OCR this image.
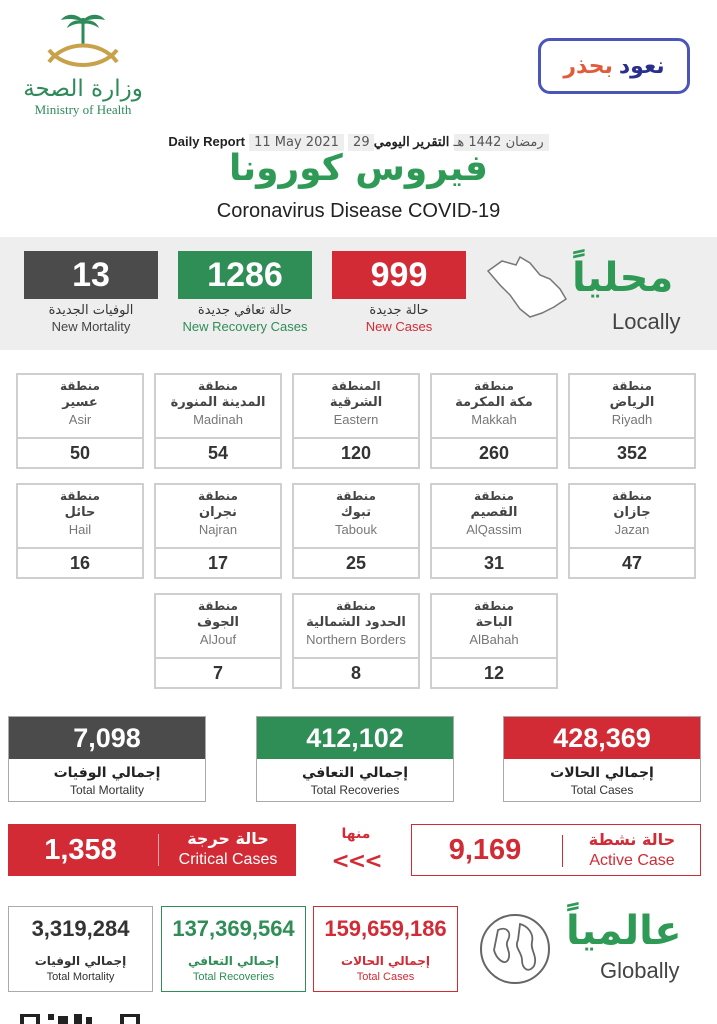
وزارة الصحة
Ministry of Health
نعود
بحذر
Daily Report 11 May 2021 29 رمضان 1442 هـ التقرير اليومي
فيروس كورونا
Coronavirus Disease COVID-19
13
الوفيات الجديدة
New Mortality
1286
حالة تعافي جديدة
New Recovery Cases
999
حالة جديدة
New Cases
محلياً
Locally
منطقة
الرياض
Riyadh
352
منطقة
مكة المكرمة
Makkah
260
المنطقة
الشرقية
Eastern
120
منطقة
المدينة المنورة
Madinah
54
منطقة
عسير
Asir
50
منطقة
جازان
Jazan
47
منطقة
القصيم
AlQassim
31
منطقة
تبوك
Tabouk
25
منطقة
نجران
Najran
17
منطقة
حائل
Hail
16
منطقة
الباحة
AlBahah
12
منطقة
الحدود الشمالية
Northern Borders
8
منطقة
الجوف
AlJouf
7
7,098
إجمالي الوفيات
Total Mortality
412,102
إجمالي التعافي
Total Recoveries
428,369
إجمالي الحالات
Total Cases
1,358	حالة حرجة
Critical Cases
منها
<<<	9,169	حالة نشطة
Active Case
3,319,284
إجمالي الوفيات
Total Mortality
137,369,564
إجمالي التعافي
Total Recoveries
159,659,186
إجمالي الحالات
Total Cases
عالمياً
Globally
